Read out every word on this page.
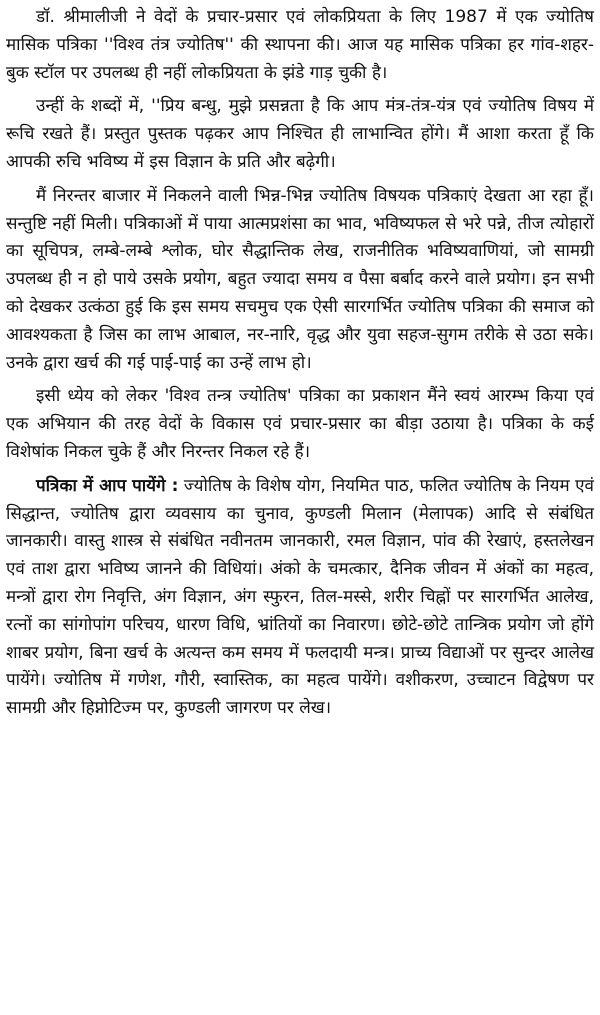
डॉ. श्रीमालीजी ने वेदों के प्रचार-प्रसार एवं लोकप्रियता के लिए 1987 में एक ज्योतिष मासिक पत्रिका ''विश्व तंत्र ज्योतिष'' की स्थापना की। आज यह मासिक पत्रिका हर गांव-शहर-बुक स्टॉल पर उपलब्ध ही नहीं लोकप्रियता के झंडे गाड़ चुकी है।

उन्हीं के शब्दों में, ''प्रिय बन्धु, मुझे प्रसन्नता है कि आप मंत्र-तंत्र-यंत्र एवं ज्योतिष विषय में रूचि रखते हैं। प्रस्तुत पुस्तक पढ़कर आप निश्चित ही लाभान्वित होंगे। मैं आशा करता हूँ कि आपकी रुचि भविष्य में इस विज्ञान के प्रति और बढ़ेगी।

मैं निरन्तर बाजार में निकलने वाली भिन्न-भिन्न ज्योतिष विषयक पत्रिकाएं देखता आ रहा हूँ। सन्तुष्टि नहीं मिली। पत्रिकाओं में पाया आत्मप्रशंसा का भाव, भविष्यफल से भरे पन्ने, तीज त्योहारों का सूचिपत्र, लम्बे-लम्बे श्लोक, घोर सैद्धान्तिक लेख, राजनीतिक भविष्यवाणियां, जो सामग्री उपलब्ध ही न हो पाये उसके प्रयोग, बहुत ज्यादा समय व पैसा बर्बाद करने वाले प्रयोग। इन सभी को देखकर उत्कंठा हुई कि इस समय सचमुच एक ऐसी सारगर्भित ज्योतिष पत्रिका की समाज को आवश्यकता है जिस का लाभ आबाल, नर-नारि, वृद्ध और युवा सहज-सुगम तरीके से उठा सके। उनके द्वारा खर्च की गई पाई-पाई का उन्हें लाभ हो।

इसी ध्येय को लेकर 'विश्व तन्त्र ज्योतिष' पत्रिका का प्रकाशन मैंने स्वयं आरम्भ किया एवं एक अभियान की तरह वेदों के विकास एवं प्रचार-प्रसार का बीड़ा उठाया है। पत्रिका के कई विशेषांक निकल चुके हैं और निरन्तर निकल रहे हैं।

पत्रिका में आप पायेंगे : ज्योतिष के विशेष योग, नियमित पाठ, फलित ज्योतिष के नियम एवं सिद्धान्त, ज्योतिष द्वारा व्यवसाय का चुनाव, कुण्डली मिलान (मेलापक) आदि से संबंधित जानकारी। वास्तु शास्त्र से संबंधित नवीनतम जानकारी, रमल विज्ञान, पांव की रेखाएं, हस्तलेखन एवं ताश द्वारा भविष्य जानने की विधियां। अंको के चमत्कार, दैनिक जीवन में अंकों का महत्व, मन्त्रों द्वारा रोग निवृत्ति, अंग विज्ञान, अंग स्फुरन, तिल-मस्से, शरीर चिह्नों पर सारगर्भित आलेख, रत्नों का सांगोपांग परिचय, धारण विधि, भ्रांतियों का निवारण। छोटे-छोटे तान्त्रिक प्रयोग जो होंगे शाबर प्रयोग, बिना खर्च के अत्यन्त कम समय में फलदायी मन्त्र। प्राच्य विद्याओं पर सुन्दर आलेख पायेंगे। ज्योतिष में गणेश, गौरी, स्वास्तिक, का महत्व पायेंगे। वशीकरण, उच्चाटन विद्वेषण पर सामग्री और हिप्नोटिज्म पर, कुण्डली जागरण पर लेख।
